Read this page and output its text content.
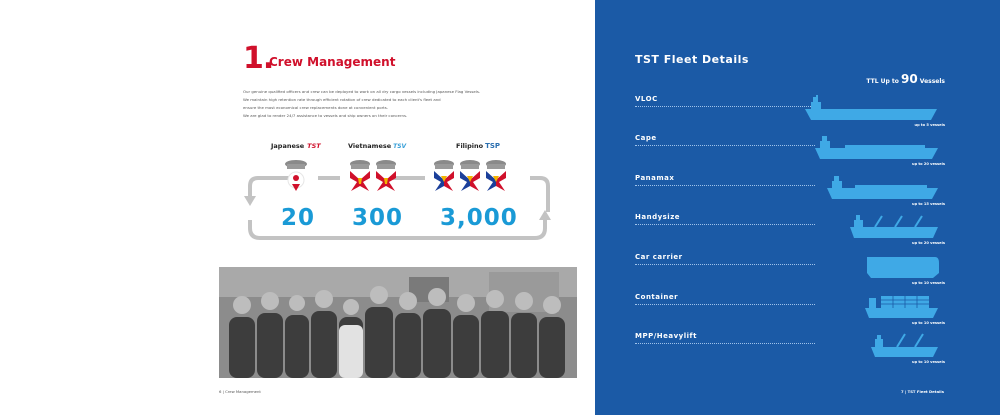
1.
Crew Management

Our genuine qualified officers and crew can be deployed to work on all dry cargo vessels including Japanese Flag Vessels.

We maintain high retention rate through efficient rotation of crew dedicated to each client's fleet and

ensure the most economical crew replacements done at convenient ports.

We are glad to render 24/7 assistance to vessels and ship owners on their concerns.

Japanese TST	Vietnamese TSV	Filipino TSP
20 300 3,000
6 | Crew Management
TST Fleet Details
TTL Up to 90 Vessels
VLOC
up to 5 vessels
Cape
up to 20 vessels
Panamax
up to 15 vessels
Handysize
up to 20 vessels
Car carrier
up to 10 vessels
Container
up to 10 vessels
MPP/Heavylift
up to 10 vessels
7 | TST Fleet Details
